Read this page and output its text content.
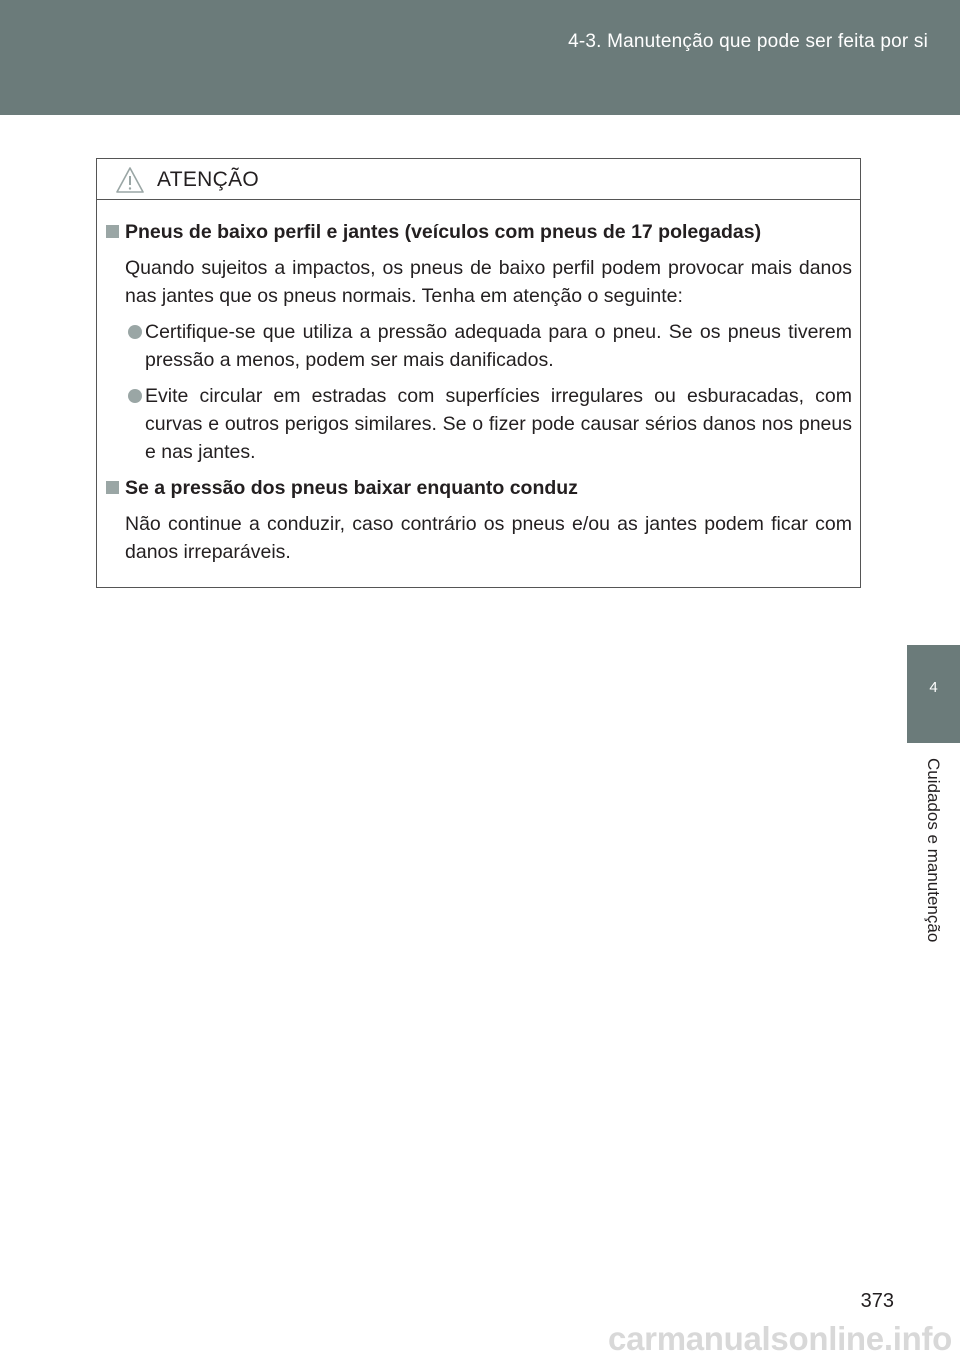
4-3. Manutenção que pode ser feita por si
4
Cuidados e manutenção
ATENÇÃO
Pneus de baixo perfil e jantes (veículos com pneus de 17 polegadas)

Quando sujeitos a impactos, os pneus de baixo perfil podem provocar mais danos nas jantes que os pneus normais. Tenha em atenção o seguinte:

Certifique-se que utiliza a pressão adequada para o pneu. Se os pneus tiverem pressão a menos, podem ser mais danificados.
Evite circular em estradas com superfícies irregulares ou esburacadas, com curvas e outros perigos similares. Se o fizer pode causar sérios danos nos pneus e nas jantes.
Se a pressão dos pneus baixar enquanto conduz

Não continue a conduzir, caso contrário os pneus e/ou as jantes podem ficar com danos irreparáveis.

373
carmanualsonline.info
